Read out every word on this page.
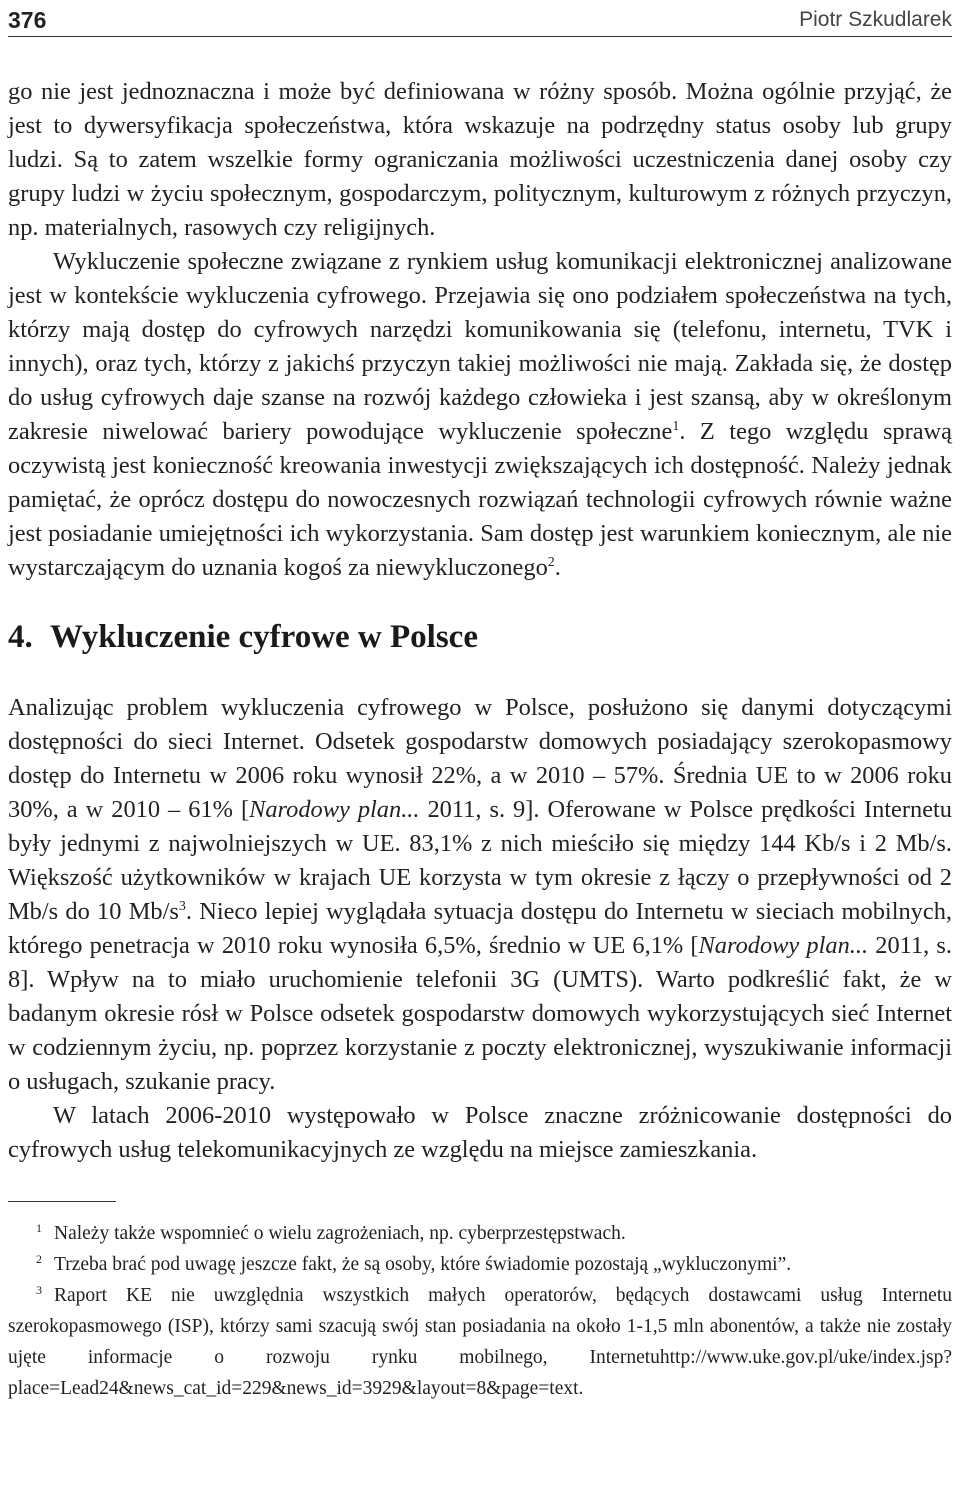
376	Piotr Szkudlarek

go nie jest jednoznaczna i może być definiowana w różny sposób. Można ogólnie przyjąć, że jest to dywersyfikacja społeczeństwa, która wskazuje na podrzędny status osoby lub grupy ludzi. Są to zatem wszelkie formy ograniczania możliwości uczestniczenia danej osoby czy grupy ludzi w życiu społecznym, gospodarczym, politycznym, kulturowym z różnych przyczyn, np. materialnych, rasowych czy religijnych.

Wykluczenie społeczne związane z rynkiem usług komunikacji elektronicznej analizowane jest w kontekście wykluczenia cyfrowego. Przejawia się ono podziałem społeczeństwa na tych, którzy mają dostęp do cyfrowych narzędzi komunikowania się (telefonu, internetu, TVK i innych), oraz tych, którzy z jakichś przyczyn takiej możliwości nie mają. Zakłada się, że dostęp do usług cyfrowych daje szanse na rozwój każdego człowieka i jest szansą, aby w określonym zakresie niwelować bariery powodujące wykluczenie społeczne$^1$. Z tego względu sprawą oczywistą jest konieczność kreowania inwestycji zwiększających ich dostępność. Należy jednak pamiętać, że oprócz dostępu do nowoczesnych rozwiązań technologii cyfrowych równie ważne jest posiadanie umiejętności ich wykorzystania. Sam dostęp jest warunkiem koniecznym, ale nie wystarczającym do uznania kogoś za niewykluczonego$^2$.

4. Wykluczenie cyfrowe w Polsce

Analizując problem wykluczenia cyfrowego w Polsce, posłużono się danymi dotyczącymi dostępności do sieci Internet. Odsetek gospodarstw domowych posiadający szerokopasmowy dostęp do Internetu w 2006 roku wynosił 22%, a w 2010 – 57%. Średnia UE to w 2006 roku 30%, a w 2010 – 61% [Narodowy plan... 2011, s. 9]. Oferowane w Polsce prędkości Internetu były jednymi z najwolniejszych w UE. 83,1% z nich mieściło się między 144 Kb/s i 2 Mb/s. Większość użytkowników w krajach UE korzysta w tym okresie z łączy o przepływności od 2 Mb/s do 10 $Mb/s^3$. Nieco lepiej wyglądała sytuacja dostępu do Internetu w sieciach mobilnych, którego penetracja w 2010 roku wynosiła 6,5%, średnio w UE 6,1% [Narodowy plan... 2011, s. 8]. Wpływ na to miało uruchomienie telefonii 3G (UMTS). Warto podkreślić fakt, że w badanym okresie rósł w Polsce odsetek gospodarstw domowych wykorzystujących sieć Internet w codziennym życiu, np. poprzez korzystanie z poczty elektronicznej, wyszukiwanie informacji o usługach, szukanie pracy.

W latach 2006-2010 występowało w Polsce znaczne zróżnicowanie dostępności do cyfrowych usług telekomunikacyjnych ze względu na miejsce zamieszkania.

$^1$ Należy także wspomnieć o wielu zagrożeniach, np. cyberprzestępstwach.

$^2$ Trzeba brać pod uwagę jeszcze fakt, że są osoby, które świadomie pozostają „wykluczonymi”.

$^3$ Raport KE nie uwzględnia wszystkich małych operatorów, będących dostawcami usług Internetu szerokopasmowego (ISP), którzy sami szacują swój stan posiadania na około 1-1,5 mln abonentów, a także nie zostały ujęte informacje o rozwoju rynku mobilnego, Internetuhttp://www.uke.gov.pl/uke/index.jsp?place=Lead24&news_cat_id=229&news_id=3929&layout=8&page=text.
